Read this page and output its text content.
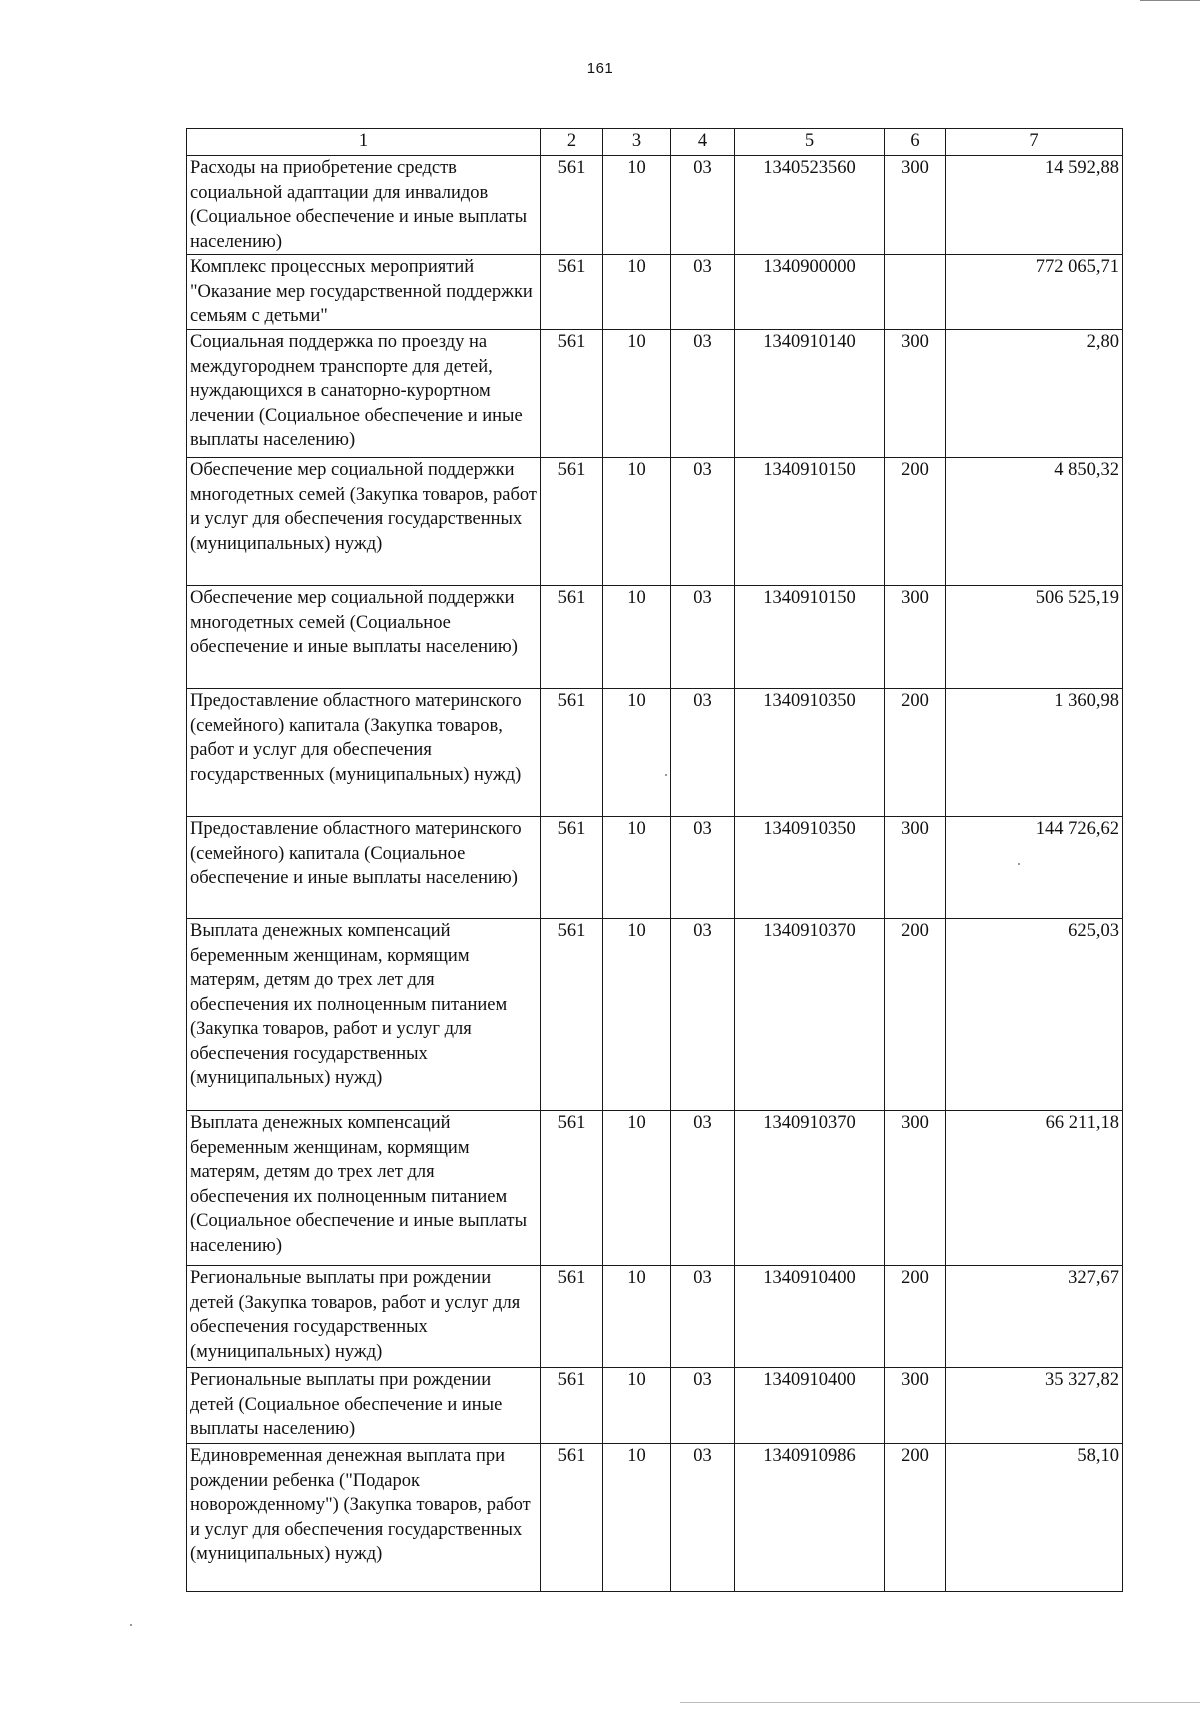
161
1	2	3	4	5	6	7
Расходы на приобретение средств социальной адаптации для инвалидов (Социальное обеспечение и иные выплаты населению)	561	10	03	1340523560	300	14 592,88
Комплекс процессных мероприятий "Оказание мер государственной поддержки семьям с детьми"	561	10	03	1340900000		772 065,71
Социальная поддержка по проезду на междугороднем транспорте для детей, нуждающихся в санаторно-курортном лечении (Социальное обеспечение и иные выплаты населению)	561	10	03	1340910140	300	2,80
Обеспечение мер социальной поддержки многодетных семей (Закупка товаров, работ и услуг для обеспечения государственных (муниципальных) нужд)	561	10	03	1340910150	200	4 850,32
Обеспечение мер социальной поддержки многодетных семей (Социальное обеспечение и иные выплаты населению)	561	10	03	1340910150	300	506 525,19
Предоставление областного материнского (семейного) капитала (Закупка товаров, работ и услуг для обеспечения государственных (муниципальных) нужд)	561	10	03	1340910350	200	1 360,98
Предоставление областного материнского (семейного) капитала (Социальное обеспечение и иные выплаты населению)	561	10	03	1340910350	300	144 726,62
Выплата денежных компенсаций беременным женщинам, кормящим матерям, детям до трех лет для обеспечения их полноценным питанием (Закупка товаров, работ и услуг для обеспечения государственных (муниципальных) нужд)	561	10	03	1340910370	200	625,03
Выплата денежных компенсаций беременным женщинам, кормящим матерям, детям до трех лет для обеспечения их полноценным питанием (Социальное обеспечение и иные выплаты населению)	561	10	03	1340910370	300	66 211,18
Региональные выплаты при рождении детей (Закупка товаров, работ и услуг для обеспечения государственных (муниципальных) нужд)	561	10	03	1340910400	200	327,67
Региональные выплаты при рождении детей (Социальное обеспечение и иные выплаты населению)	561	10	03	1340910400	300	35 327,82
Единовременная денежная выплата при рождении ребенка ("Подарок новорожденному") (Закупка товаров, работ и услуг для обеспечения государственных (муниципальных) нужд)	561	10	03	1340910986	200	58,10
